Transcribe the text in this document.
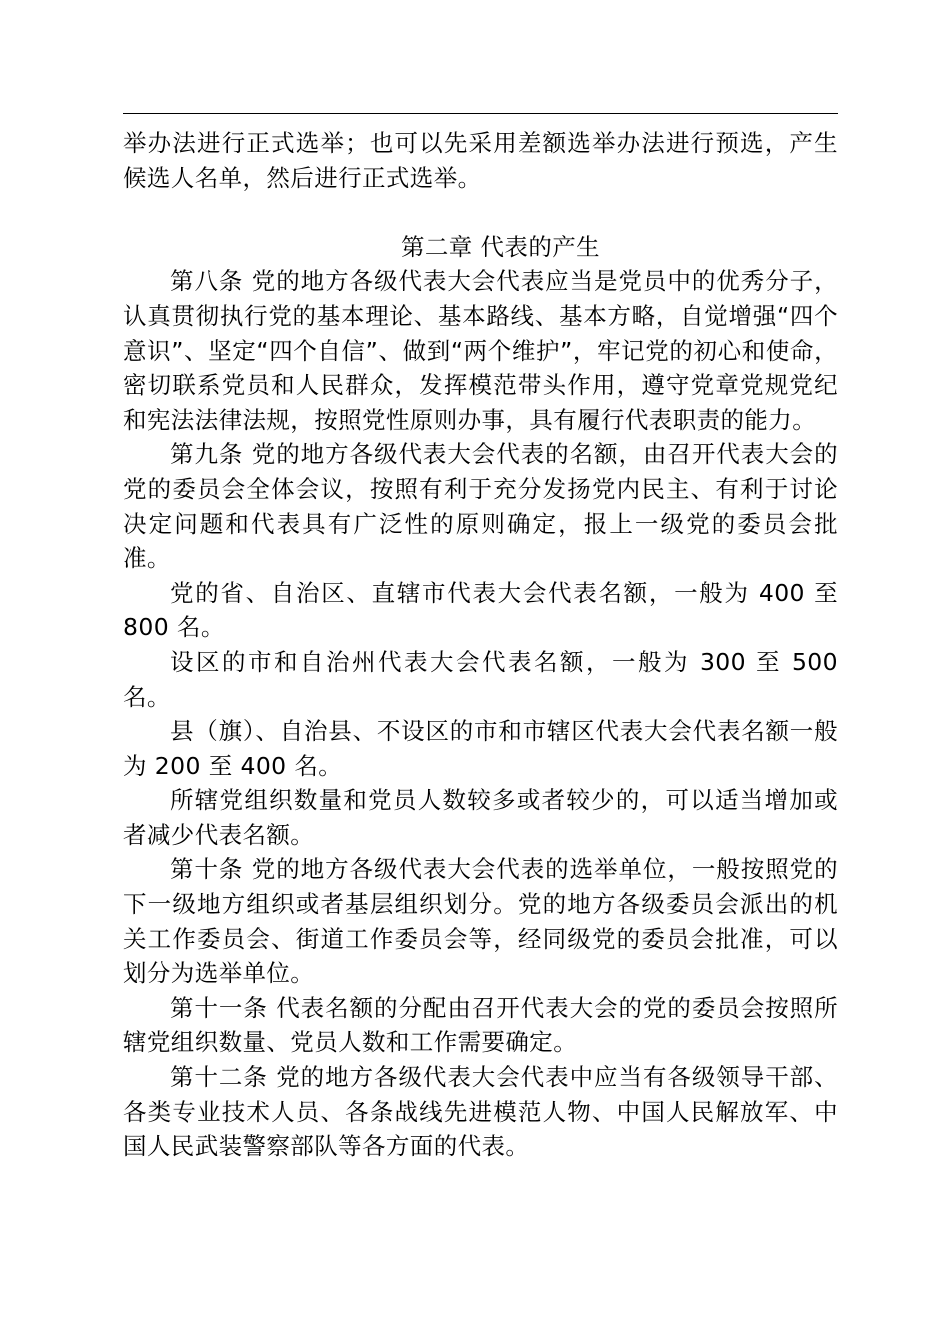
举办法进行正式选举；也可以先采用差额选举办法进行预选，产生候选人名单，然后进行正式选举。

第二章 代表的产生

第八条 党的地方各级代表大会代表应当是党员中的优秀分子，认真贯彻执行党的基本理论、基本路线、基本方略，自觉增强“四个意识”、坚定“四个自信”、做到“两个维护”，牢记党的初心和使命，密切联系党员和人民群众，发挥模范带头作用，遵守党章党规党纪和宪法法律法规，按照党性原则办事，具有履行代表职责的能力。

第九条 党的地方各级代表大会代表的名额，由召开代表大会的党的委员会全体会议，按照有利于充分发扬党内民主、有利于讨论决定问题和代表具有广泛性的原则确定，报上一级党的委员会批准。

党的省、自治区、直辖市代表大会代表名额，一般为 400 至 800 名。

设区的市和自治州代表大会代表名额，一般为 300 至 500 名。

县（旗）、自治县、不设区的市和市辖区代表大会代表名额一般为 200 至 400 名。

所辖党组织数量和党员人数较多或者较少的，可以适当增加或者减少代表名额。

第十条 党的地方各级代表大会代表的选举单位，一般按照党的下一级地方组织或者基层组织划分。党的地方各级委员会派出的机关工作委员会、街道工作委员会等，经同级党的委员会批准，可以划分为选举单位。

第十一条 代表名额的分配由召开代表大会的党的委员会按照所辖党组织数量、党员人数和工作需要确定。

第十二条 党的地方各级代表大会代表中应当有各级领导干部、各类专业技术人员、各条战线先进模范人物、中国人民解放军、中国人民武装警察部队等各方面的代表。
